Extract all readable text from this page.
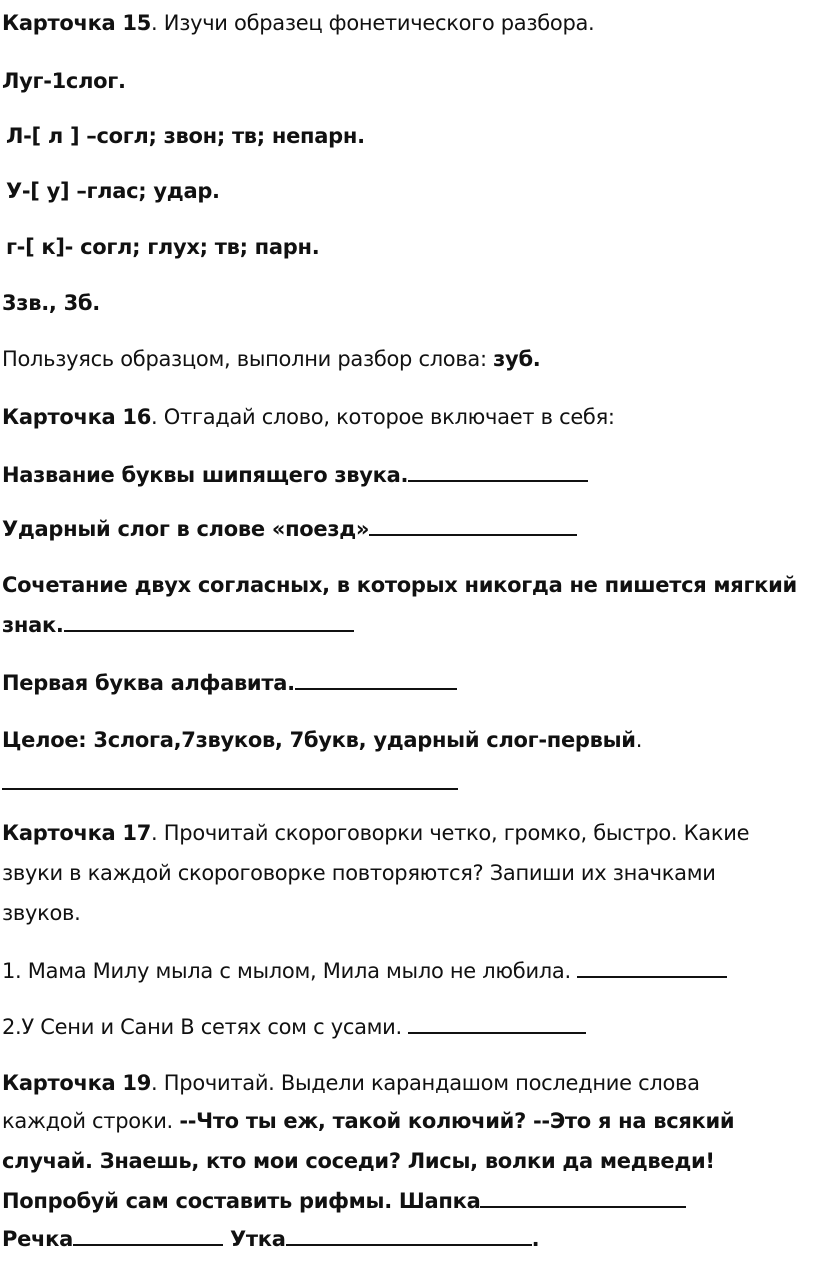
Карточка 15. Изучи образец фонетического разбора.
Луг-1слог.
Л-[ л ] –согл; звон; тв; непарн.
У-[ у] –глас; удар.
г-[ к]- согл; глух; тв; парн.
3зв., 3б.
Пользуясь образцом, выполни разбор слова: зуб.
Карточка 16. Отгадай слово, которое включает в себя:
Название буквы шипящего звука.
Ударный слог в слове «поезд»
Сочетание двух согласных, в которых никогда не пишется мягкий
знак.
Первая буква алфавита.
Целое: 3слога,7звуков, 7букв, ударный слог-первый.
Карточка 17. Прочитай скороговорки четко, громко, быстро. Какие
звуки в каждой скороговорке повторяются? Запиши их значками
звуков.
1. Мама Милу мыла с мылом, Мила мыло не любила.
2.У Сени и Сани В сетях сом с усами.
Карточка 19. Прочитай. Выдели карандашом последние слова
каждой строки. --Что ты еж, такой колючий? --Это я на всякий
случай. Знаешь, кто мои соседи? Лисы, волки да медведи!
Попробуй сам составить рифмы. Шапка
Речка	Утка	.
